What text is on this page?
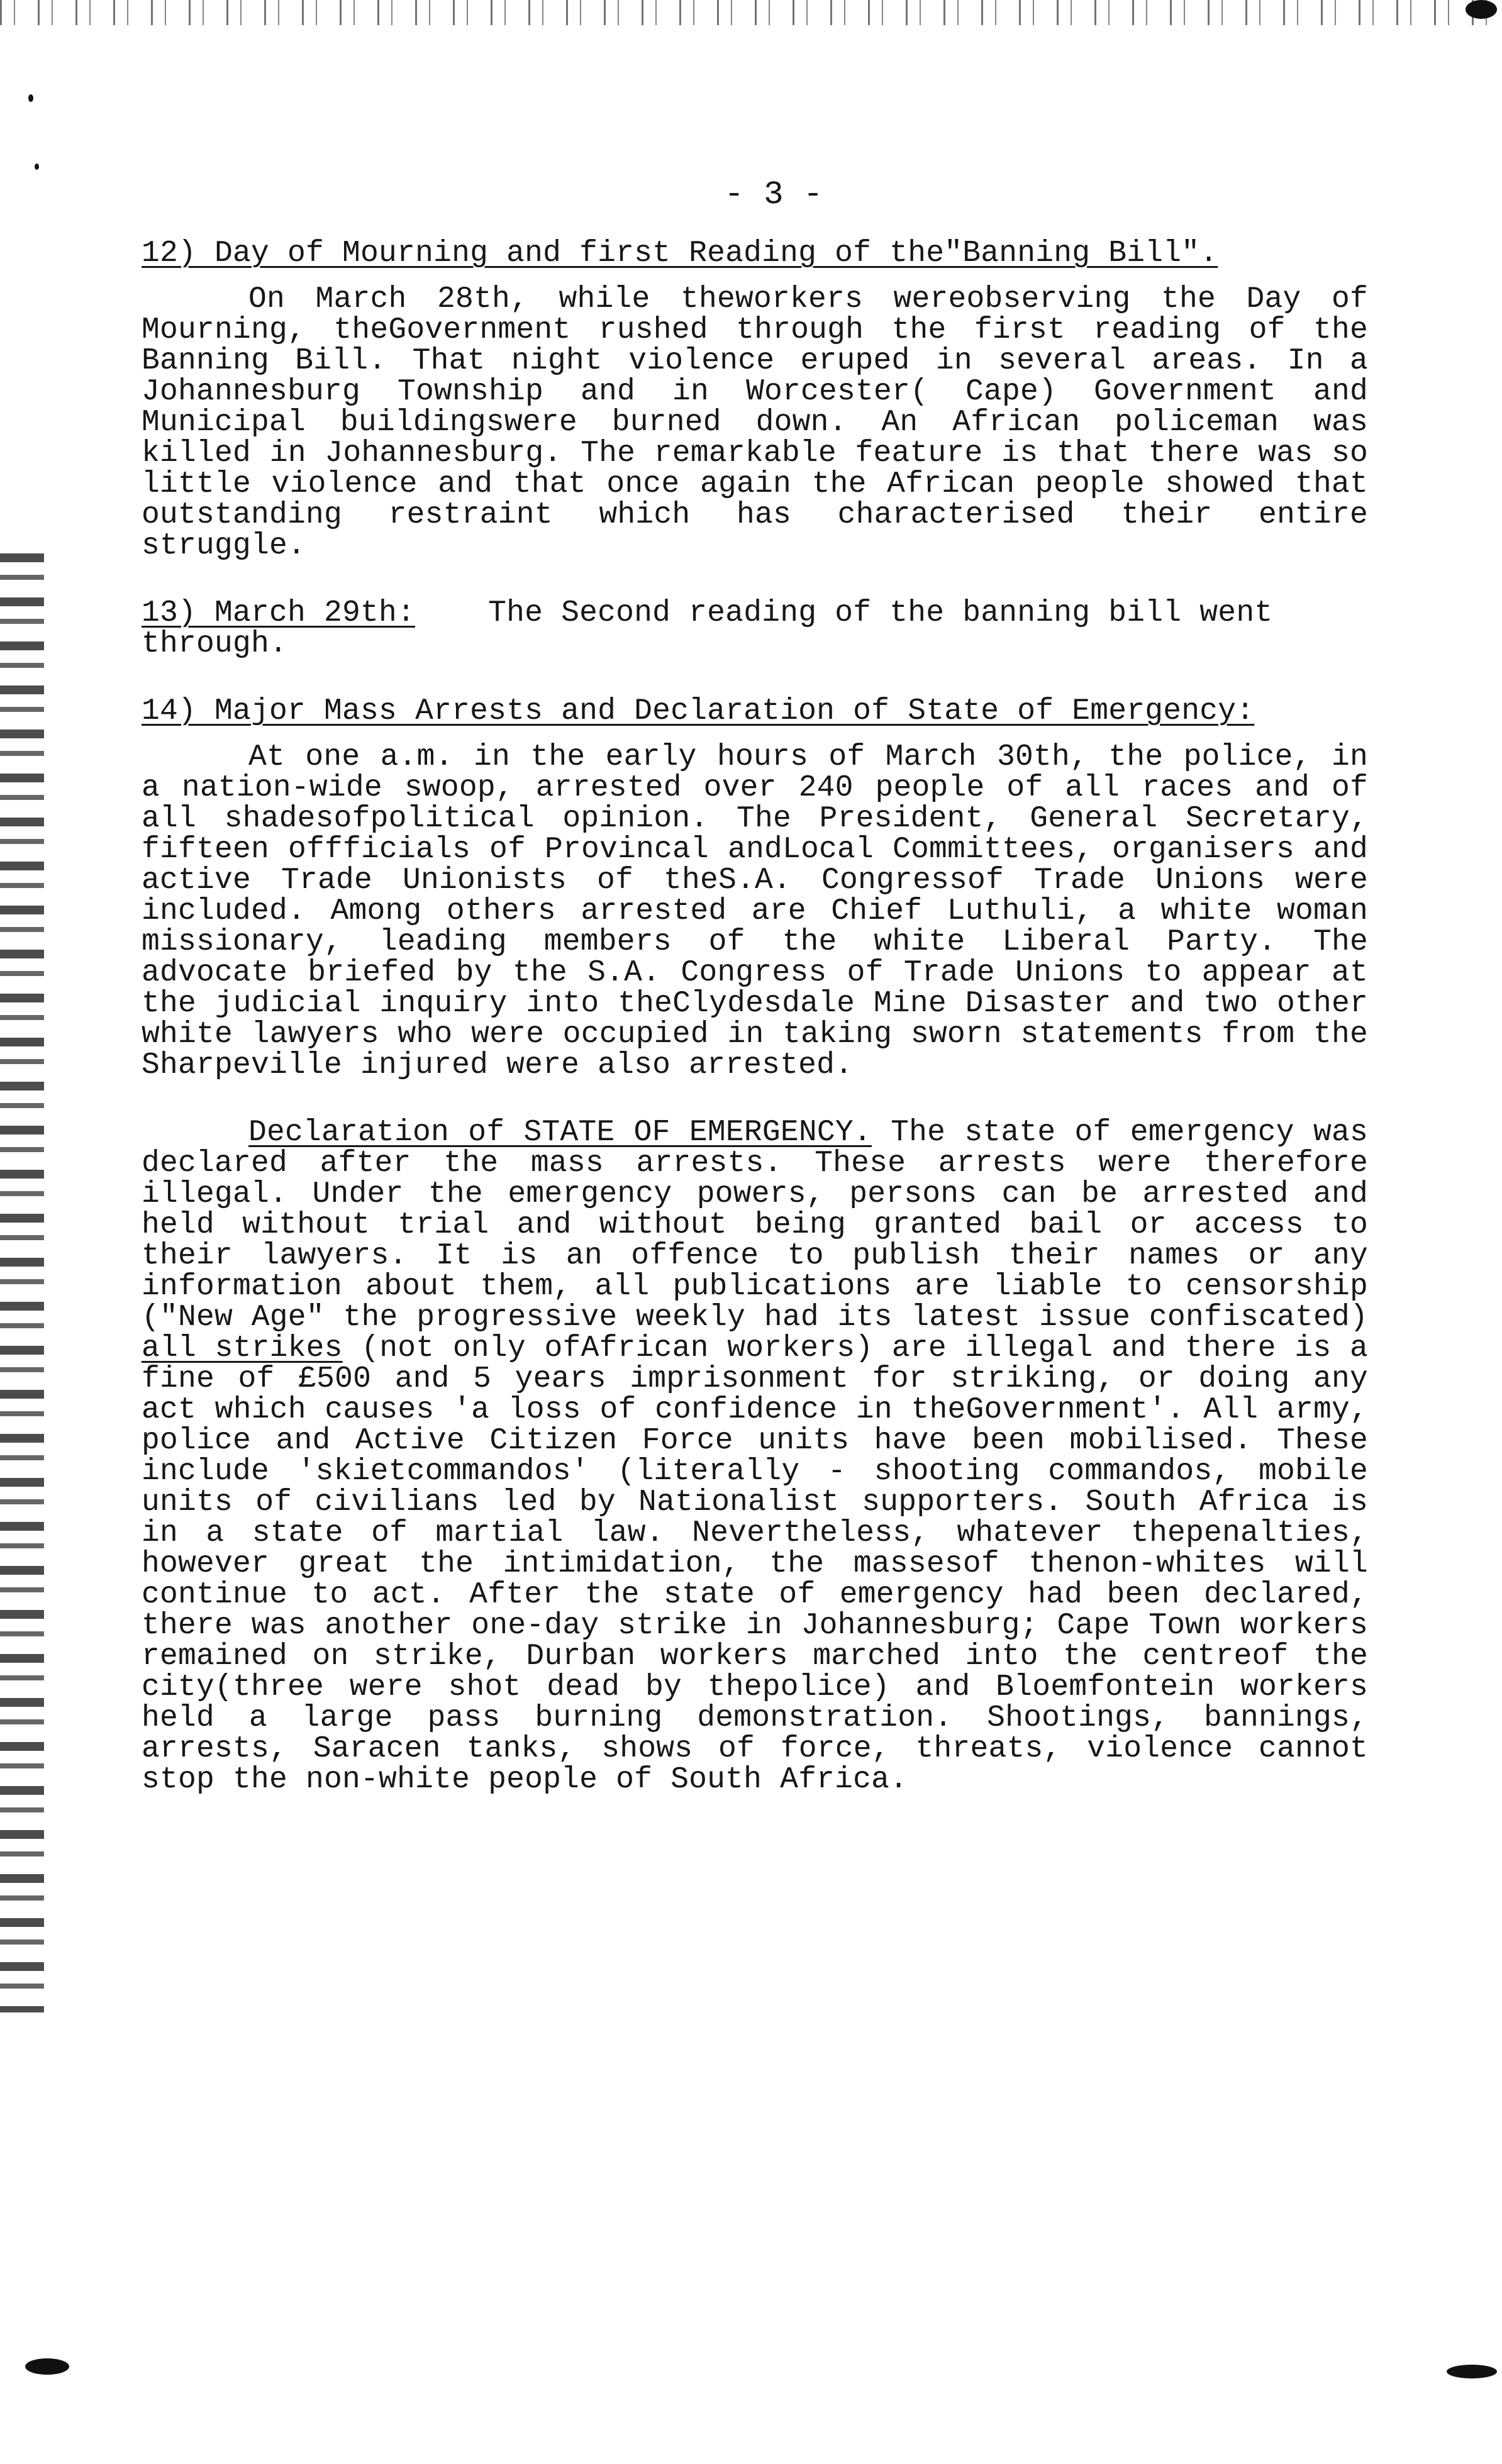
- 3 -
12) Day of Mourning and first Reading of the"Banning Bill".

On March 28th, while theworkers wereobserving the Day of Mourning, theGovernment rushed through the first reading of the Banning Bill. That night violence eruped in several areas. In a Johannesburg Township and in Worcester( Cape) Government and Municipal buildingswere burned down. An African policeman was killed in Johannesburg. The remarkable feature is that there was so little violence and that once again the African people showed that outstanding restraint which has characterised their entire struggle.

13) March 29th: The Second reading of the banning bill went through.
14) Major Mass Arrests and Declaration of State of Emergency:

At one a.m. in the early hours of March 30th, the police, in a nation-wide swoop, arrested over 240 people of all races and of all shadesofpolitical opinion. The President, General Secretary, fifteen offficials of Provincal andLocal Committees, organisers and active Trade Unionists of theS.A. Congressof Trade Unions were included. Among others arrested are Chief Luthuli, a white woman missionary, leading members of the white Liberal Party. The advocate briefed by the S.A. Congress of Trade Unions to appear at the judicial inquiry into theClydesdale Mine Disaster and two other white lawyers who were occupied in taking sworn statements from the Sharpeville injured were also arrested.

Declaration of STATE OF EMERGENCY. The state of emergency was declared after the mass arrests. These arrests were therefore illegal. Under the emergency powers, persons can be arrested and held without trial and without being granted bail or access to their lawyers. It is an offence to publish their names or any information about them, all publications are liable to censorship ("New Age" the progressive weekly had its latest issue confiscated) all strikes (not only ofAfrican workers) are illegal and there is a fine of £500 and 5 years imprisonment for striking, or doing any act which causes 'a loss of confidence in theGovernment'. All army, police and Active Citizen Force units have been mobilised. These include 'skietcommandos' (literally - shooting commandos, mobile units of civilians led by Nationalist supporters. South Africa is in a state of martial law. Nevertheless, whatever thepenalties, however great the intimidation, the massesof thenon-whites will continue to act. After the state of emergency had been declared, there was another one-day strike in Johannesburg; Cape Town workers remained on strike, Durban workers marched into the centreof the city(three were shot dead by thepolice) and Bloemfontein workers held a large pass burning demonstration. Shootings, bannings, arrests, Saracen tanks, shows of force, threats, violence cannot stop the non-white people of South Africa.
